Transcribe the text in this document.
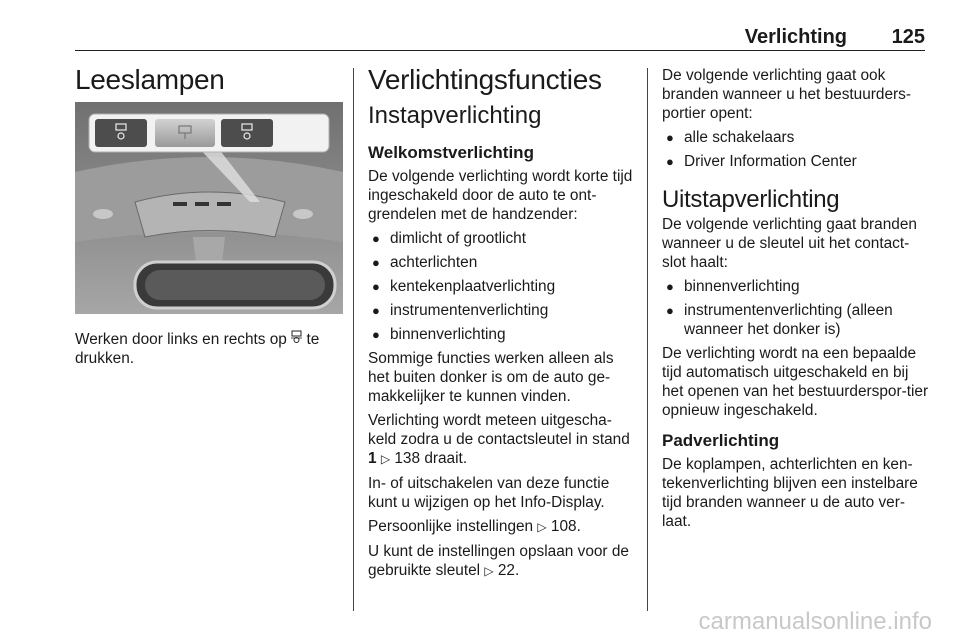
Verlichting 125
Leeslampen

Werken door links en rechts op te drukken.

Verlichtingsfuncties
Instapverlichting
Welkomstverlichting

De volgende verlichting wordt korte tijd ingeschakeld door de auto te ont-grendelen met de handzender:

● dimlicht of grootlicht
● achterlichten
● kentekenplaatverlichting
● instrumentenverlichting
● binnenverlichting

Sommige functies werken alleen als het buiten donker is om de auto ge-makkelijker te kunnen vinden.

Verlichting wordt meteen uitgescha-keld zodra u de contactsleutel in stand 1 ▷ 138 draait.

In- of uitschakelen van deze functie kunt u wijzigen op het Info-Display.

Persoonlijke instellingen ▷ 108.

U kunt de instellingen opslaan voor de gebruikte sleutel ▷ 22.

De volgende verlichting gaat ook branden wanneer u het bestuurders-portier opent:

● alle schakelaars
● Driver Information Center
Uitstapverlichting

De volgende verlichting gaat branden wanneer u de sleutel uit het contact-slot haalt:

● binnenverlichting
● instrumentenverlichting (alleen wanneer het donker is)

De verlichting wordt na een bepaalde tijd automatisch uitgeschakeld en bij het openen van het bestuurderspor-tier opnieuw ingeschakeld.

Padverlichting

De koplampen, achterlichten en ken-tekenverlichting blijven een instelbare tijd branden wanneer u de auto ver-laat.

carmanualsonline.info
